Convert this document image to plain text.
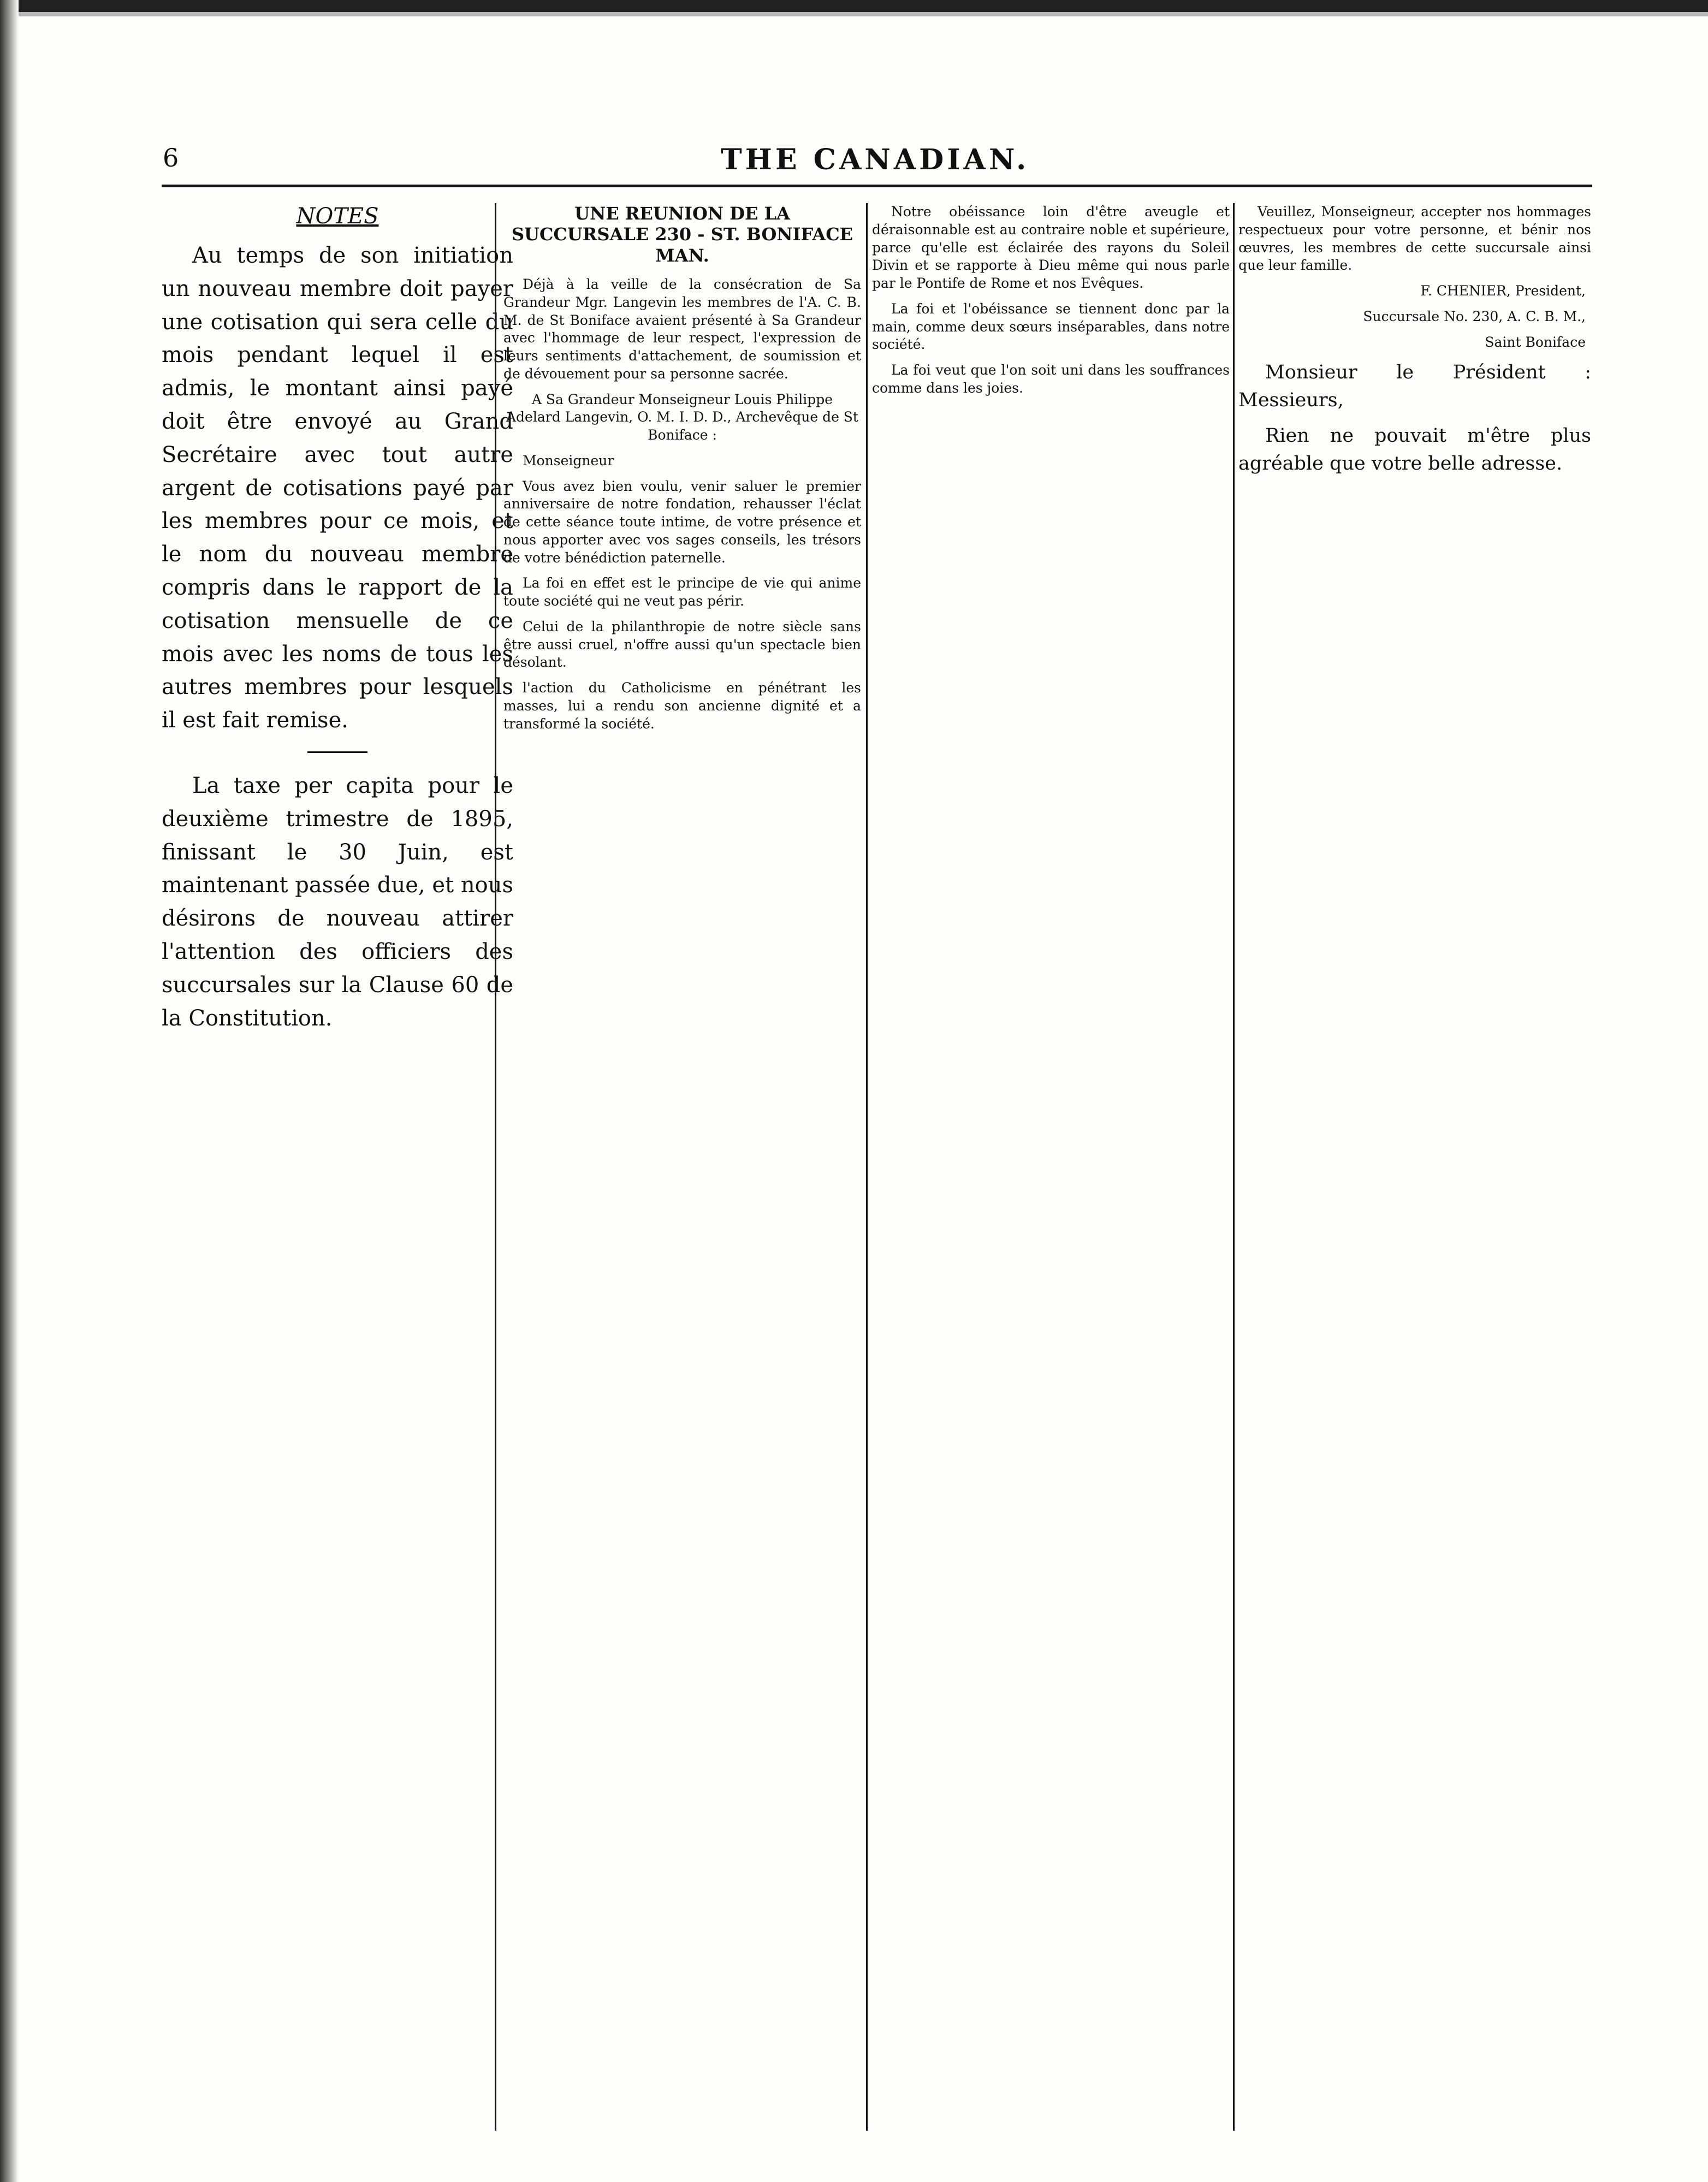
6	THE CANADIAN.
NOTES

Au temps de son initiation un nouveau membre doit payer une cotisation qui sera celle du mois pendant lequel il est admis, le montant ainsi payé doit être envoyé au Grand Secrétaire avec tout autre argent de cotisations payé par les membres pour ce mois, et le nom du nouveau membre compris dans le rapport de la cotisation mensuelle de ce mois avec les noms de tous les autres membres pour lesquels il est fait remise.

La taxe per capita pour le deuxième trimestre de 1895, finissant le 30 Juin, est maintenant passée due, et nous désirons de nouveau attirer l'attention des officiers des succursales sur la Clause 60 de la Constitution.

UNE REUNION DE LA SUCCURSALE 230 - ST. BONIFACE MAN.

Déjà à la veille de la consécration de Sa Grandeur Mgr. Langevin les membres de l'A. C. B. M. de St Boniface avaient présenté à Sa Grandeur avec l'hommage de leur respect, l'expression de leurs sentiments d'attachement, de soumission et de dévouement pour sa personne sacrée.

A Sa Grandeur Monseigneur Louis Philippe Adelard Langevin, O. M. I. D. D., Archevêque de St Boniface :

Monseigneur

Vous avez bien voulu, venir saluer le premier anniversaire de notre fondation, rehausser l'éclat de cette séance toute intime, de votre présence et nous apporter avec vos sages conseils, les trésors de votre bénédiction paternelle.

La foi en effet est le principe de vie qui anime toute société qui ne veut pas périr.

Celui de la philanthropie de notre siècle sans être aussi cruel, n'offre aussi qu'un spectacle bien désolant.

l'action du Catholicisme en pénétrant les masses, lui a rendu son ancienne dignité et a transformé la société.

Notre obéissance loin d'être aveugle et déraisonnable est au contraire noble et supérieure, parce qu'elle est éclairée des rayons du Soleil Divin et se rapporte à Dieu même qui nous parle par le Pontife de Rome et nos Evêques.

La foi et l'obéissance se tiennent donc par la main, comme deux sœurs inséparables, dans notre société.

La foi veut que l'on soit uni dans les souffrances comme dans les joies.

Veuillez, Monseigneur, accepter nos hommages respectueux pour votre personne, et bénir nos œuvres, les membres de cette succursale ainsi que leur famille.

F. CHENIER, President,

Succursale No. 230, A. C. B. M.,

Saint Boniface

Monsieur le Président : Messieurs,

Rien ne pouvait m'être plus agréable que votre belle adresse.
